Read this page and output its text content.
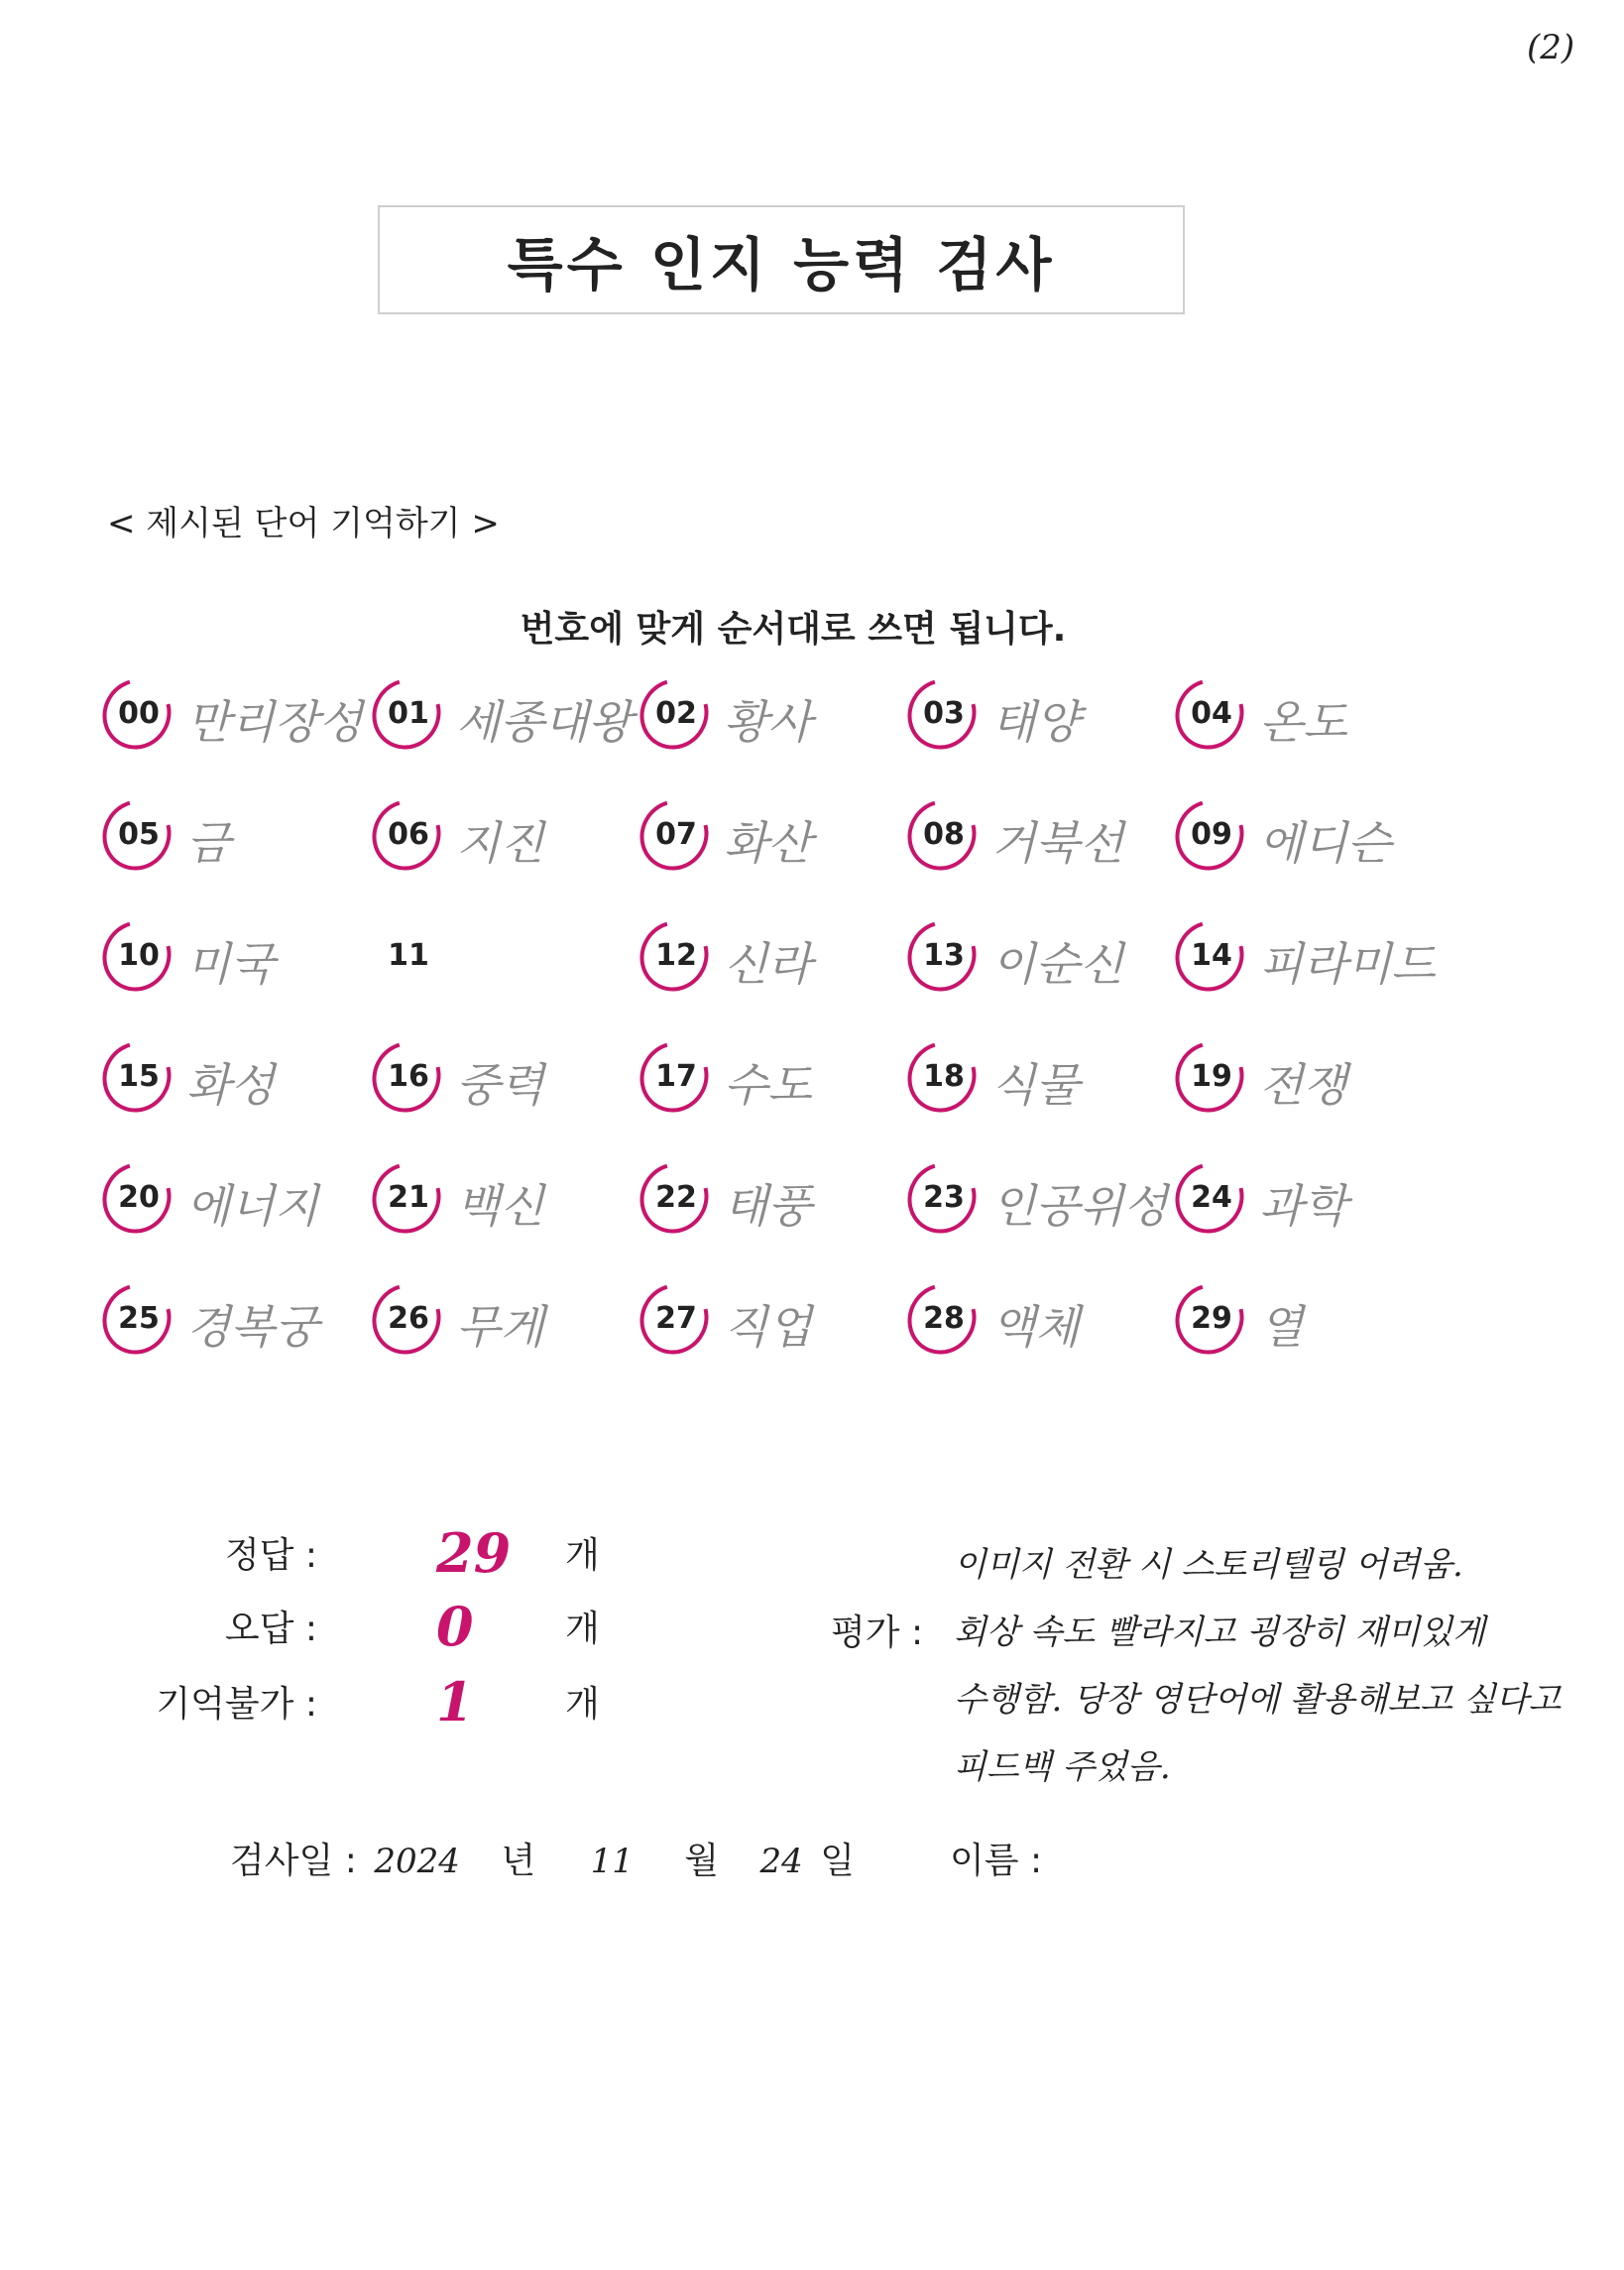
(2)
특수 인지 능력 검사
< 제시된 단어 기억하기 >
번호에 맞게 순서대로 쓰면 됩니다.
00 만리장성 01 세종대왕 02 황사	03 태양	04 온도
05 금	06 지진	07 화산	08 거북선	09 에디슨
10 미국	11	12 신라	13 이순신	14 피라미드
15 화성	16 중력	17 수도	18 식물	19 전쟁
20 에너지	21 백신	22 태풍	23 인공위성 24 과학
25 경복궁	26 무게	27 직업	28 액체	29 열
정답 : 29 개
오답 : 0	개
기억불가 : 1	개
평가 :
이미지 전환 시 스토리텔링 어려움.
회상 속도 빨라지고 굉장히 재미있게
수행함. 당장 영단어에 활용해보고 싶다고
피드백 주었음.
검사일 : 2024 년 11 월 24 일	이름 :
